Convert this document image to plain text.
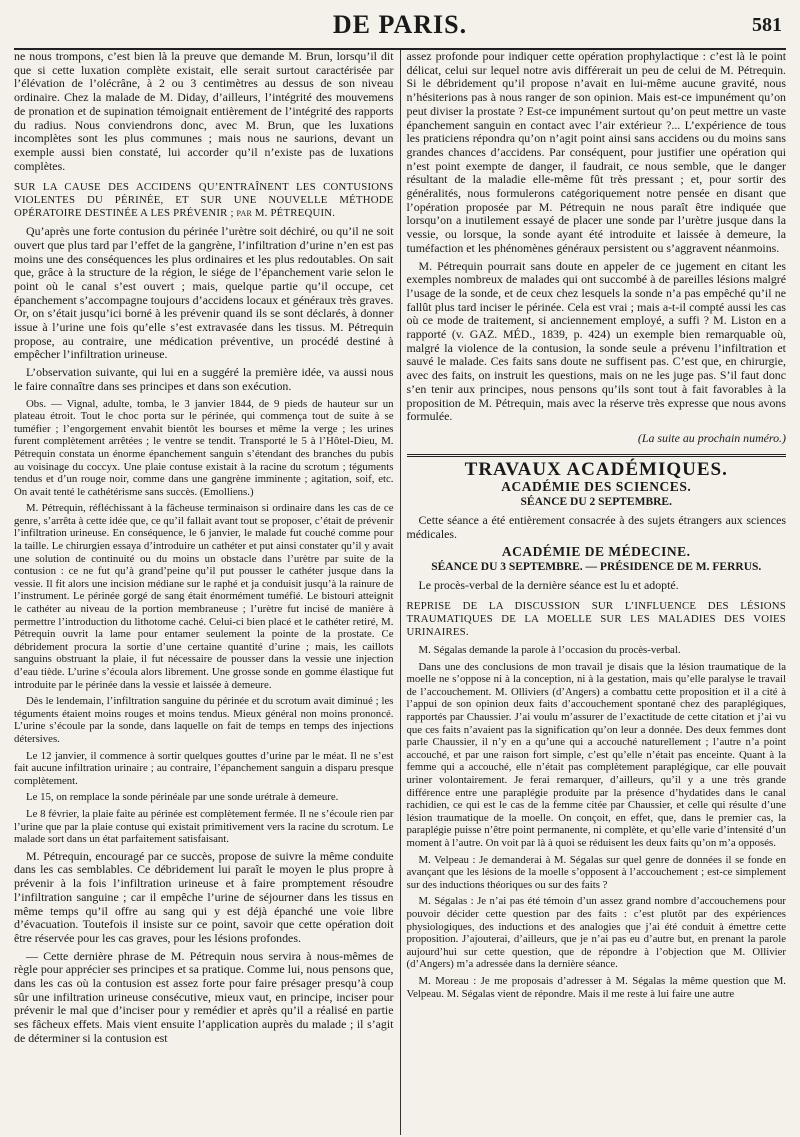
DE PARIS.	581

ne nous trompons, c’est bien là la preuve que demande M. Brun, lorsqu’il dit que si cette luxation complète existait, elle serait surtout caractérisée par l’élévation de l’olécrâne, à 2 ou 3 centimètres au dessus de son niveau ordinaire. Chez la malade de M. Diday, d’ailleurs, l’intégrité des mouvemens de pronation et de supination témoignait entièrement de l’intégrité des rapports du radius. Nous conviendrons donc, avec M. Brun, que les luxations incomplètes sont les plus communes ; mais nous ne saurions, devant un exemple aussi bien constaté, lui accorder qu’il n’existe pas de luxations complètes.

SUR LA CAUSE DES ACCIDENS QU’ENTRAÎNENT LES CONTUSIONS VIOLENTES DU PÉRINÉE, ET SUR UNE NOUVELLE MÉTHODE OPÉRATOIRE DESTINÉE A LES PRÉVENIR ; par M. PÉTREQUIN.

Qu’après une forte contusion du périnée l’urètre soit déchiré, ou qu’il ne soit ouvert que plus tard par l’effet de la gangrène, l’infiltration d’urine n’en est pas moins une des conséquences les plus ordinaires et les plus redoutables. On sait que, grâce à la structure de la région, le siége de l’épanchement varie selon le point où le canal s’est ouvert ; mais, quelque partie qu’il occupe, cet épanchement s’accompagne toujours d’accidens locaux et généraux très graves. Or, on s’était jusqu’ici borné à les prévenir quand ils se sont déclarés, à donner issue à l’urine une fois qu’elle s’est extravasée dans les tissus. M. Pétrequin propose, au contraire, une médication préventive, un procédé destiné à empêcher l’infiltration urineuse.

L’observation suivante, qui lui en a suggéré la première idée, va aussi nous le faire connaître dans ses principes et dans son exécution.

Obs. — Vignal, adulte, tomba, le 3 janvier 1844, de 9 pieds de hauteur sur un plateau étroit. Tout le choc porta sur le périnée, qui commença tout de suite à se tuméfier ; l’engorgement envahit bientôt les bourses et même la verge ; les urines furent complètement arrêtées ; le ventre se tendit. Transporté le 5 à l’Hôtel-Dieu, M. Pétrequin constata un énorme épanchement sanguin s’étendant des branches du pubis au voisinage du coccyx. Une plaie contuse existait à la racine du scrotum ; téguments tendus et d’un rouge noir, comme dans une gangrène imminente ; agitation, soif, etc. On avait tenté le cathétérisme sans succès. (Emolliens.)

M. Pétrequin, réfléchissant à la fâcheuse terminaison si ordinaire dans les cas de ce genre, s’arrêta à cette idée que, ce qu’il fallait avant tout se proposer, c’était de prévenir l’infiltration urineuse. En conséquence, le 6 janvier, le malade fut couché comme pour la taille. Le chirurgien essaya d’introduire un cathéter et put ainsi constater qu’il y avait une solution de continuité ou du moins un obstacle dans l’urètre par suite de la contusion : ce ne fut qu’à grand’peine qu’il put pousser le cathéter jusque dans la vessie. Il fit alors une incision médiane sur le raphé et ja conduisit jusqu’à la rainure de l’instrument. Le périnée gorgé de sang était énormément tuméfié. Le bistouri atteignit le cathéter au niveau de la portion membraneuse ; l’urètre fut incisé de manière à permettre l’introduction du lithotome caché. Celui-ci bien placé et le cathéter retiré, M. Pétrequin ouvrit la lame pour entamer seulement la pointe de la prostate. Ce débridement procura la sortie d’une certaine quantité d’urine ; mais, les caillots sanguins obstruant la plaie, il fut nécessaire de pousser dans la vessie une injection d’eau tiède. L’urine s’écoula alors librement. Une grosse sonde en gomme élastique fut introduite par le périnée dans la vessie et laissée à demeure.

Dès le lendemain, l’infiltration sanguine du périnée et du scrotum avait diminué ; les téguments étaient moins rouges et moins tendus. Mieux général non moins prononcé. L’urine s’écoule par la sonde, dans laquelle on fait de temps en temps des injections détersives.

Le 12 janvier, il commence à sortir quelques gouttes d’urine par le méat. Il ne s’est fait aucune infiltration urinaire ; au contraire, l’épanchement sanguin a disparu presque complètement.

Le 15, on remplace la sonde périnéale par une sonde urétrale à demeure.

Le 8 février, la plaie faite au périnée est complètement fermée. Il ne s’écoule rien par l’urine que par la plaie contuse qui existait primitivement vers la racine du scrotum. Le malade sort dans un état parfaitement satisfaisant.

M. Pétrequin, encouragé par ce succès, propose de suivre la même conduite dans les cas semblables. Ce débridement lui paraît le moyen le plus propre à prévenir à la fois l’infiltration urineuse et à faire promptement résoudre l’infiltration sanguine ; car il empêche l’urine de séjourner dans les tissus en même temps qu’il offre au sang qui y est déjà épanché une voie libre d’évacuation. Toutefois il insiste sur ce point, savoir que cette opération doit être réservée pour les cas graves, pour les lésions profondes.

— Cette dernière phrase de M. Pétrequin nous servira à nous-mêmes de règle pour apprécier ses principes et sa pratique. Comme lui, nous pensons que, dans les cas où la contusion est assez forte pour faire présager presqu’à coup sûr une infiltration urineuse consécutive, mieux vaut, en principe, inciser pour prévenir le mal que d’inciser pour y remédier et après qu’il a réalisé en partie ses fâcheux effets. Mais vient ensuite l’application auprès du malade ; il s’agit de déterminer si la contusion est

assez profonde pour indiquer cette opération prophylactique : c’est là le point délicat, celui sur lequel notre avis différerait un peu de celui de M. Pétrequin. Si le débridement qu’il propose n’avait en lui-même aucune gravité, nous n’hésiterions pas à nous ranger de son opinion. Mais est-ce impunément qu’on peut diviser la prostate ? Est-ce impunément surtout qu’on peut mettre un vaste épanchement sanguin en contact avec l’air extérieur ?... L’expérience de tous les praticiens répondra qu’on n’agit point ainsi sans accidens ou du moins sans grandes chances d’accidens. Par conséquent, pour justifier une opération qui n’est point exempte de danger, il faudrait, ce nous semble, que le danger résultant de la maladie elle-même fût très pressant ; et, pour sortir des généralités, nous formulerons catégoriquement notre pensée en disant que l’opération proposée par M. Pétrequin ne nous paraît être indiquée que lorsqu’on a inutilement essayé de placer une sonde par l’urètre jusque dans la vessie, ou lorsque, la sonde ayant été introduite et laissée à demeure, la tuméfaction et les phénomènes généraux persistent ou s’aggravent néanmoins.

M. Pétrequin pourrait sans doute en appeler de ce jugement en citant les exemples nombreux de malades qui ont succombé à de pareilles lésions malgré l’usage de la sonde, et de ceux chez lesquels la sonde n’a pas empêché qu’il ne fallût plus tard inciser le périnée. Cela est vrai ; mais a-t-il compté aussi les cas où ce mode de traitement, si anciennement employé, a suffi ? M. Liston en a rapporté (v. GAZ. MÉD., 1839, p. 424) un exemple bien remarquable où, malgré la violence de la contusion, la sonde seule a prévenu l’infiltration et sauvé le malade. Ces faits sans doute ne suffisent pas. C’est que, en chirurgie, avec des faits, on instruit les questions, mais on ne les juge pas. S’il faut donc s’en tenir aux principes, nous pensons qu’ils sont tout à fait favorables à la proposition de M. Pétrequin, mais avec la réserve très expresse que nous avons formulée.

(La suite au prochain numéro.)

TRAVAUX ACADÉMIQUES.
ACADÉMIE DES SCIENCES.
SÉANCE DU 2 SEPTEMBRE.

Cette séance a été entièrement consacrée à des sujets étrangers aux sciences médicales.

ACADÉMIE DE MÉDECINE.
SÉANCE DU 3 SEPTEMBRE. — PRÉSIDENCE DE M. FERRUS.

Le procès-verbal de la dernière séance est lu et adopté.

REPRISE DE LA DISCUSSION SUR L’INFLUENCE DES LÉSIONS TRAUMATIQUES DE LA MOELLE SUR LES MALADIES DES VOIES URINAIRES.

M. Ségalas demande la parole à l’occasion du procès-verbal.

Dans une des conclusions de mon travail je disais que la lésion traumatique de la moelle ne s’oppose ni à la conception, ni à la gestation, mais qu’elle paralyse le travail de l’accouchement. M. Olliviers (d’Angers) a combattu cette proposition et il a cité à l’appui de son opinion deux faits d’accouchement spontané chez des paraplégiques, rapportés par Chaussier. J’ai voulu m’assurer de l’exactitude de cette citation et j’ai vu que ces faits n’avaient pas la signification qu’on leur a donnée. Des deux femmes dont parle Chaussier, il n’y en a qu’une qui a accouché naturellement ; l’autre n’a point accouché, et par une raison fort simple, c’est qu’elle n’était pas enceinte. Quant à la femme qui a accouché, elle n’était pas complètement paraplégique, car elle pouvait uriner volontairement. Je ferai remarquer, d’ailleurs, qu’il y a une très grande différence entre une paraplégie produite par la présence d’hydatides dans le canal rachidien, ce qui est le cas de la femme citée par Chaussier, et celle qui résulte d’une lésion traumatique de la moelle. On conçoit, en effet, que, dans le premier cas, la paraplégie puisse n’être point permanente, ni complète, et qu’elle varie d’intensité d’un moment à l’autre. On voit par là à quoi se réduisent les deux faits qu’on m’a opposés.

M. Velpeau : Je demanderai à M. Ségalas sur quel genre de données il se fonde en avançant que les lésions de la moelle s’opposent à l’accouchement ; est-ce simplement sur des inductions théoriques ou sur des faits ?

M. Ségalas : Je n’ai pas été témoin d’un assez grand nombre d’accouchemens pour pouvoir décider cette question par des faits : c’est plutôt par des expériences physiologiques, des inductions et des analogies que j’ai été conduit à émettre cette proposition. J’ajouterai, d’ailleurs, que je n’ai pas eu d’autre but, en prenant la parole aujourd’hui sur cette question, que de répondre à l’objection que M. Ollivier (d’Angers) m’a adressée dans la dernière séance.

M. Moreau : Je me proposais d’adresser à M. Ségalas la même question que M. Velpeau. M. Ségalas vient de répondre. Mais il me reste à lui faire une autre
